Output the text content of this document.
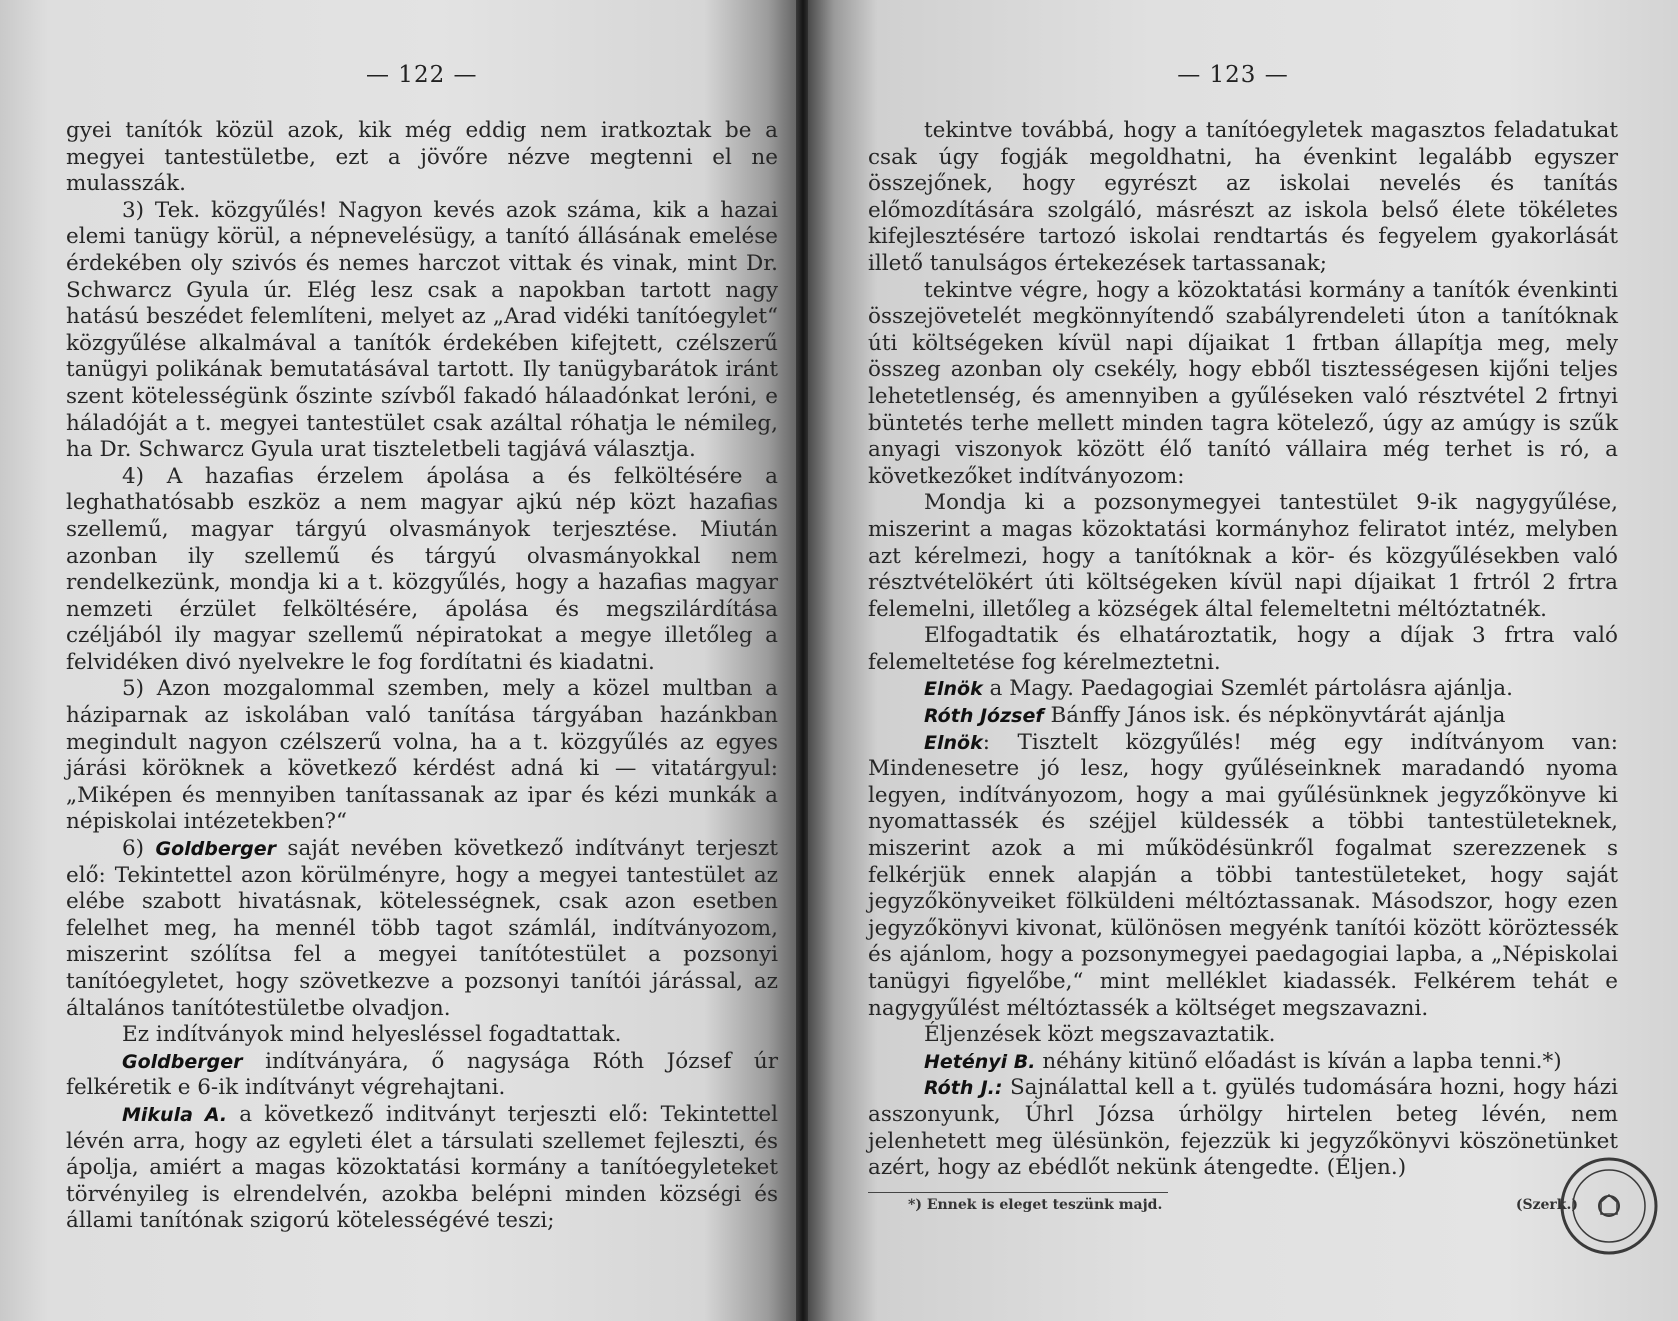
— 122 —

gyei tanítók közül azok, kik még eddig nem iratkoztak be a megyei tantestületbe, ezt a jövőre nézve megtenni el ne mulasszák.

3) Tek. közgyűlés! Nagyon kevés azok száma, kik a hazai elemi tanügy körül, a népnevelésügy, a tanító állásának emelése érdekében oly szivós és nemes harczot vittak és vinak, mint Dr. Schwarcz Gyula úr. Elég lesz csak a napokban tartott nagy hatású beszédet felemlíteni, melyet az „Arad vidéki tanítóegylet“ közgyűlése alkalmával a tanítók érdekében kifejtett, czélszerű tanügyi polikának bemutatásával tartott. Ily tanügybarátok iránt szent kötelességünk őszinte szívből fakadó hálaadónkat leróni, e háladóját a t. megyei tantestület csak azáltal róhatja le némileg, ha Dr. Schwarcz Gyula urat tiszteletbeli tagjává választja.

4) A hazafias érzelem ápolása a és felköltésére a leghathatósabb eszköz a nem magyar ajkú nép közt hazafias szellemű, magyar tárgyú olvasmányok terjesztése. Miután azonban ily szellemű és tárgyú olvasmányokkal nem rendelkezünk, mondja ki a t. közgyűlés, hogy a hazafias magyar nemzeti érzület felköltésére, ápolása és megszilárdítása czéljából ily magyar szellemű népiratokat a megye illetőleg a felvidéken divó nyelvekre le fog fordítatni és kiadatni.

5) Azon mozgalommal szemben, mely a közel multban a háziparnak az iskolában való tanítása tárgyában hazánkban megindult nagyon czélszerű volna, ha a t. közgyűlés az egyes járási köröknek a következő kérdést adná ki — vitatárgyul: „Miképen és mennyiben tanítassanak az ipar és kézi munkák a népiskolai intézetekben?“

6) Goldberger saját nevében következő indítványt terjeszt elő: Tekintettel azon körülményre, hogy a megyei tantestület az elébe szabott hivatásnak, kötelességnek, csak azon esetben felelhet meg, ha mennél több tagot számlál, indítványozom, miszerint szólítsa fel a megyei tanítótestület a pozsonyi tanítóegyletet, hogy szövetkezve a pozsonyi tanítói járással, az általános tanítótestületbe olvadjon.

Ez indítványok mind helyesléssel fogadtattak.

Goldberger indítványára, ő nagysága Róth József úr felkéretik e 6-ik indítványt végrehajtani.

Mikula A. a következő inditványt terjeszti elő: Tekintettel lévén arra, hogy az egyleti élet a társulati szellemet fejleszti, és ápolja, amiért a magas közoktatási kormány a tanítóegyleteket törvényileg is elrendelvén, azokba belépni minden községi és állami tanítónak szigorú kötelességévé teszi;

— 123 —

tekintve továbbá, hogy a tanítóegyletek magasztos feladatukat csak úgy fogják megoldhatni, ha évenkint legalább egyszer összejőnek, hogy egyrészt az iskolai nevelés és tanítás előmozdítására szolgáló, másrészt az iskola belső élete tökéletes kifejlesztésére tartozó iskolai rendtartás és fegyelem gyakorlását illető tanulságos értekezések tartassanak;

tekintve végre, hogy a közoktatási kormány a tanítók évenkinti összejövetelét megkönnyítendő szabályrendeleti úton a tanítóknak úti költségeken kívül napi díjaikat 1 frtban állapítja meg, mely összeg azonban oly csekély, hogy ebből tisztességesen kijőni teljes lehetetlenség, és amennyiben a gyűléseken való résztvétel 2 frtnyi büntetés terhe mellett minden tagra kötelező, úgy az amúgy is szűk anyagi viszonyok között élő tanító vállaira még terhet is ró, a következőket indítványozom:

Mondja ki a pozsonymegyei tantestület 9-ik nagygyűlése, miszerint a magas közoktatási kormányhoz feliratot intéz, melyben azt kérelmezi, hogy a tanítóknak a kör- és közgyűlésekben való résztvételökért úti költségeken kívül napi díjaikat 1 frtról 2 frtra felemelni, illetőleg a községek által felemeltetni méltóztatnék.

Elfogadtatik és elhatároztatik, hogy a díjak 3 frtra való felemeltetése fog kérelmeztetni.

Elnök a Magy. Paedagogiai Szemlét pártolásra ajánlja.

Róth József Bánffy János isk. és népkönyvtárát ajánlja

Elnök: Tisztelt közgyűlés! még egy indítványom van: Mindenesetre jó lesz, hogy gyűléseinknek maradandó nyoma legyen, indítványozom, hogy a mai gyűlésünknek jegyzőkönyve ki nyomattassék és széjjel küldessék a többi tantestületeknek, miszerint azok a mi működésünkről fogalmat szerezzenek s felkérjük ennek alapján a többi tantestületeket, hogy saját jegyzőkönyveiket fölküldeni méltóztassanak. Másodszor, hogy ezen jegyzőkönyvi kivonat, különösen megyénk tanítói között köröztessék és ajánlom, hogy a pozsonymegyei paedagogiai lapba, a „Népiskolai tanügyi figyelőbe,“ mint melléklet kiadassék. Felkérem tehát e nagygyűlést méltóztassék a költséget megszavazni.

Éljenzések közt megszavaztatik.

Hetényi B. néhány kitünő előadást is kíván a lapba tenni.*)

Róth J.: Sajnálattal kell a t. gyülés tudomására hozni, hogy házi asszonyunk, Úhrl Józsa úrhölgy hirtelen beteg lévén, nem jelenhetett meg ülésünkön, fejezzük ki jegyzőkönyvi köszönetünket azért, hogy az ebédlőt nekünk átengedte. (Éljen.)

*) Ennek is eleget teszünk majd.	(Szerk.)
